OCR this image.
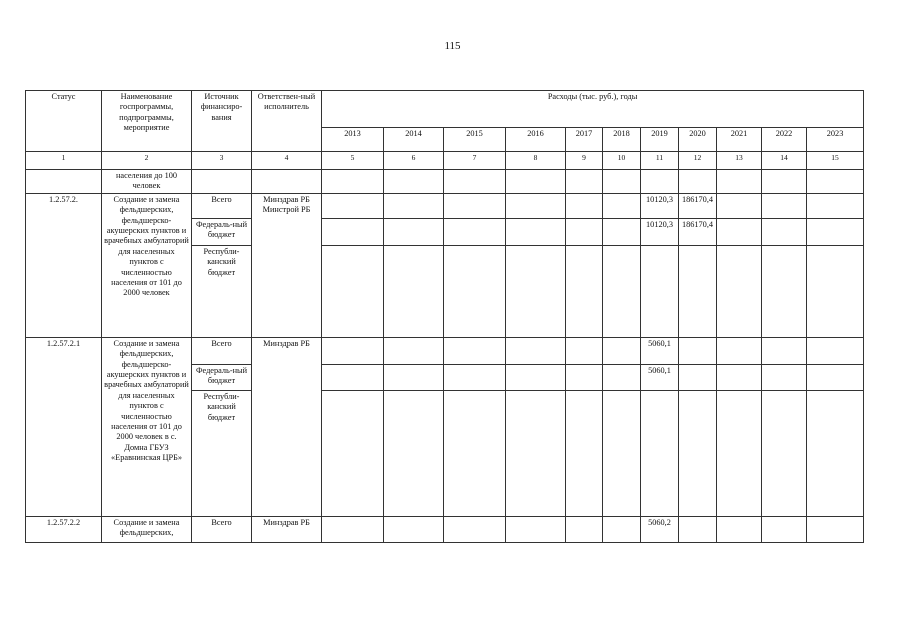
115
Статус	Наименование госпрограммы, подпрограммы, мероприятие	Источник финансиро-вания	Ответствен-ный исполнитель	Расходы (тыс. руб.), годы										
				2013	2014	2015	2016	2017	2018	2019	2020	2021	2022	2023
1	2	3	4	5	6	7	8	9	10	11	12	13	14	15
	населения до 100 человек													
1.2.57.2.	Создание и замена фельдшерских, фельдшерско-акушерских пунктов и врачебных амбулаторий для населенных пунктов с численностью населения от 101 до 2000 человек	Всего	Минздрав РБ Минстрой РБ							10120,3	186170,4			
		Федераль-ный бюджет								10120,3	186170,4			
		Республи-канский бюджет												
1.2.57.2.1	Создание и замена фельдшерских, фельдшерско-акушерских пунктов и врачебных амбулаторий для населенных пунктов с численностью населения от 101 до 2000 человек в с. Домна ГБУЗ «Еравнинская ЦРБ»	Всего	Минздрав РБ							5060,1				
		Федераль-ный бюджет								5060,1				
		Республи-канский бюджет												
1.2.57.2.2	Создание и замена фельдшерских,	Всего	Минздрав РБ							5060,2				
